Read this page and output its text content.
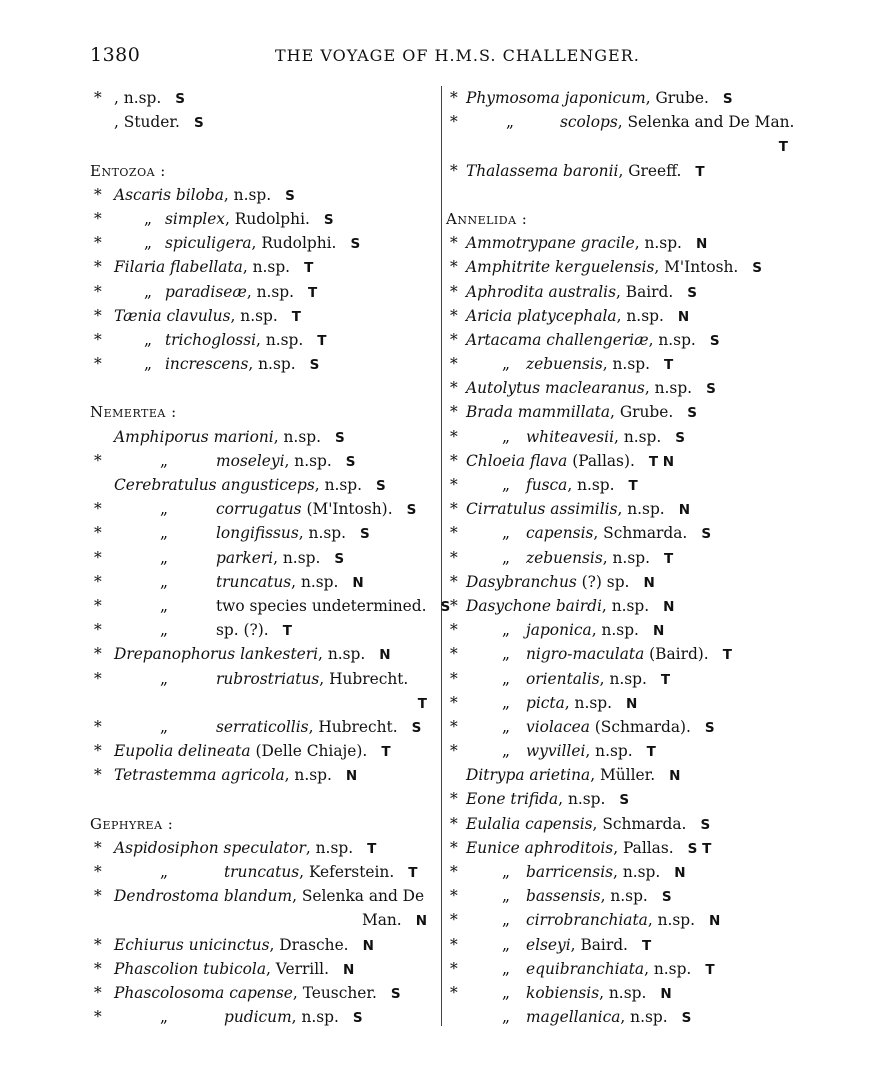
1380	THE VOYAGE OF H.M.S. CHALLENGER.
* , n.sp. S
, Studer. S
Entozoa :
* Ascaris biloba, n.sp. S
*	„ simplex, Rudolphi. S
*	„ spiculigera, Rudolphi. S
* Filaria flabellata, n.sp. T
*	„ paradiseæ, n.sp. T
* Tænia clavulus, n.sp. T
*	„ trichoglossi, n.sp. T
*	„ increscens, n.sp. S
Nemertea :
Amphiporus marioni, n.sp. S
*	„	moseleyi, n.sp. S
Cerebratulus angusticeps, n.sp. S
*	„	corrugatus (M'Intosh). S
*	„	longifissus, n.sp. S
*	„	parkeri, n.sp. S
*	„	truncatus, n.sp. N
*	„	two species undetermined. S
*	„	sp. (?). T
* Drepanophorus lankesteri, n.sp. N
*	„	rubrostriatus, Hubrecht.
T
*	„	serraticollis, Hubrecht. S
* Eupolia delineata (Delle Chiaje). T
* Tetrastemma agricola, n.sp. N
Gephyrea :
* Aspidosiphon speculator, n.sp. T
*	„	truncatus, Keferstein. T
* Dendrostoma blandum, Selenka and De
Man. N
* Echiurus unicinctus, Drasche. N
* Phascolion tubicola, Verrill. N
* Phascolosoma capense, Teuscher. S
*	„	pudicum, n.sp. S
* Phymosoma japonicum, Grube. S
*	„	scolops, Selenka and De Man.
T
* Thalassema baronii, Greeff. T
Annelida :
* Ammotrypane gracile, n.sp. N
* Amphitrite kerguelensis, M'Intosh. S
* Aphrodita australis, Baird. S
* Aricia platycephala, n.sp. N
* Artacama challengeriæ, n.sp. S
*	„ zebuensis, n.sp. T
* Autolytus maclearanus, n.sp. S
* Brada mammillata, Grube. S
*	„ whiteavesii, n.sp. S
* Chloeia flava (Pallas). T N
*	„ fusca, n.sp. T
* Cirratulus assimilis, n.sp. N
*	„ capensis, Schmarda. S
*	„ zebuensis, n.sp. T
* Dasybranchus (?) sp. N
* Dasychone bairdi, n.sp. N
*	„ japonica, n.sp. N
*	„ nigro-maculata (Baird). T
*	„ orientalis, n.sp. T
*	„ picta, n.sp. N
*	„ violacea (Schmarda). S
*	„ wyvillei, n.sp. T
Ditrypa arietina, Müller. N
* Eone trifida, n.sp. S
* Eulalia capensis, Schmarda. S
* Eunice aphroditois, Pallas. S T
*	„ barricensis, n.sp. N
*	„ bassensis, n.sp. S
*	„ cirrobranchiata, n.sp. N
*	„ elseyi, Baird. T
*	„ equibranchiata, n.sp. T
*	„ kobiensis, n.sp. N
„ magellanica, n.sp. S
